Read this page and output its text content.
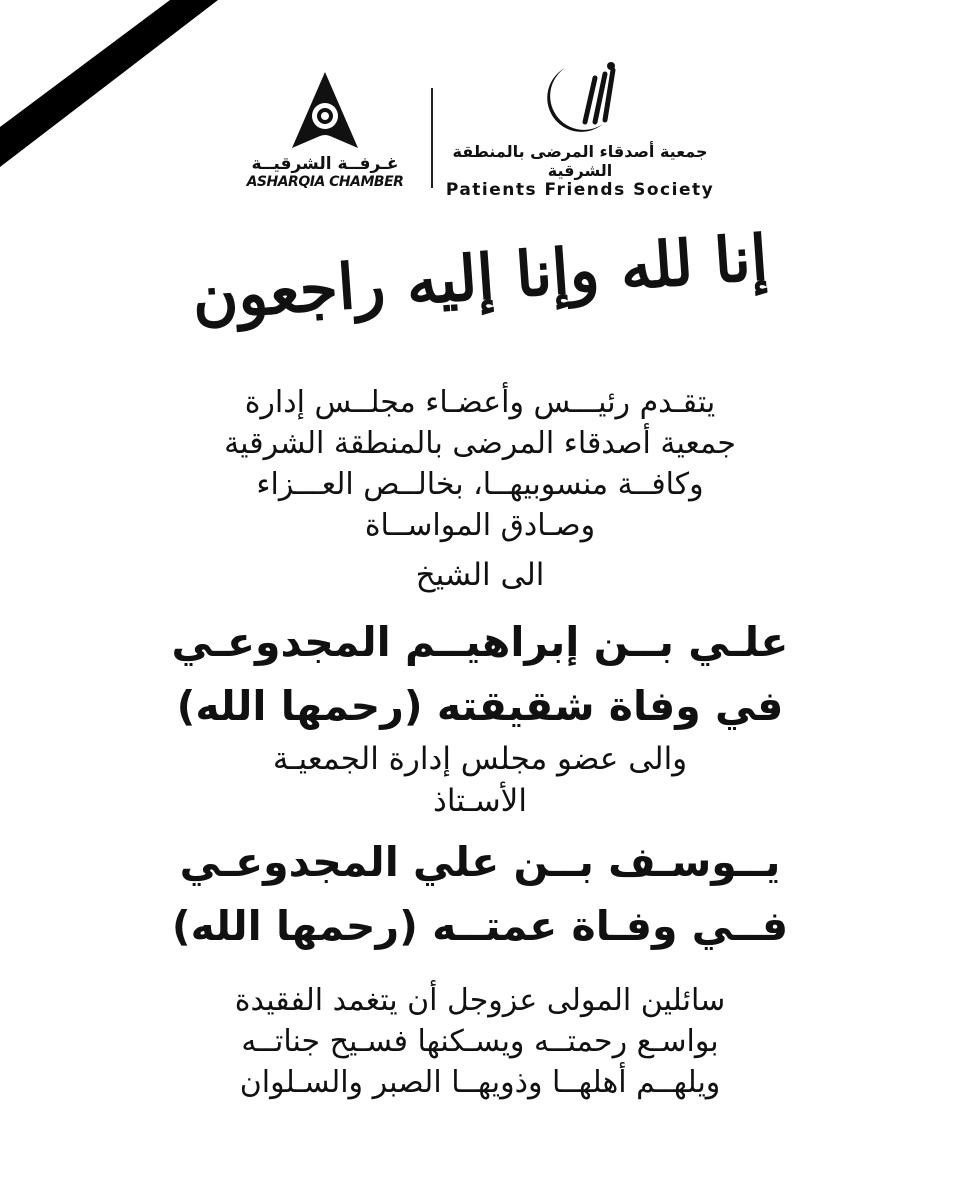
غـرفــة الشرقيــة
ASHARQIA CHAMBER
جمعية أصدقاء المرضى بالمنطقة الشرقية
Patients Friends Society
إنا لله وإنا إليه راجعون

يتقـدم رئيـــس وأعضـاء مجلــس إدارة

جمعية أصدقاء المرضى بالمنطقة الشرقية

وكافــة منسوبيهــا، بخالــص العـــزاء

وصـادق المواســاة

الى الشيخ

علـي بــن إبراهيــم المجدوعـي

في وفاة شقيقته (رحمها الله)

والى عضو مجلس إدارة الجمعيـة

الأسـتاذ

يــوسـف بــن علي المجدوعـي

فــي وفـاة عمتــه (رحمها الله)

سائلين المولى عزوجل أن يتغمد الفقيدة

بواسـع رحمتــه ويسـكنها فسـيح جناتــه

ويلهــم أهلهــا وذويهــا الصبر والسـلوان
